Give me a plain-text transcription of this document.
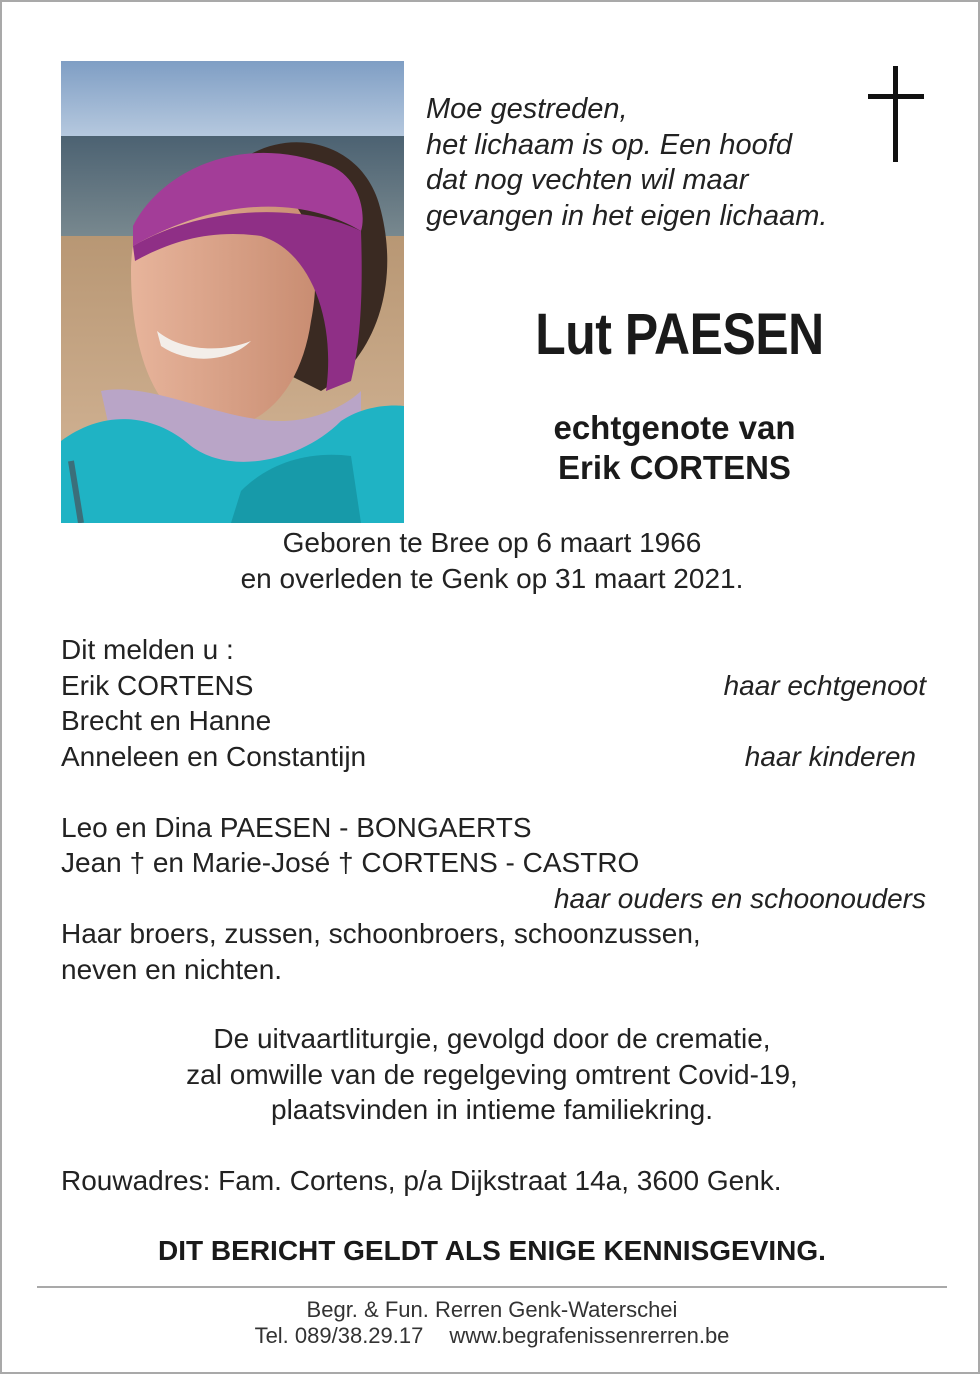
Moe gestreden,
het lichaam is op. Een hoofd
dat nog vechten wil maar
gevangen in het eigen lichaam.
Lut PAESEN
echtgenote van
Erik CORTENS
Geboren te Bree op 6 maart 1966
en overleden te Genk op 31 maart 2021.
Dit melden u :
Erik CORTENS	haar echtgenoot
Brecht en Hanne
Anneleen en Constantijn	haar kinderen
Leo en Dina PAESEN - BONGAERTS
Jean † en Marie-José † CORTENS - CASTRO
haar ouders en schoonouders
Haar broers, zussen, schoonbroers, schoonzussen,
neven en nichten.
De uitvaartliturgie, gevolgd door de crematie,
zal omwille van de regelgeving omtrent Covid-19,
plaatsvinden in intieme familiekring.
Rouwadres: Fam. Cortens, p/a Dijkstraat 14a, 3600 Genk.
DIT BERICHT GELDT ALS ENIGE KENNISGEVING.
Begr. & Fun. Rerren Genk-Waterschei
Tel. 089/38.29.17 www.begrafenissenrerren.be
